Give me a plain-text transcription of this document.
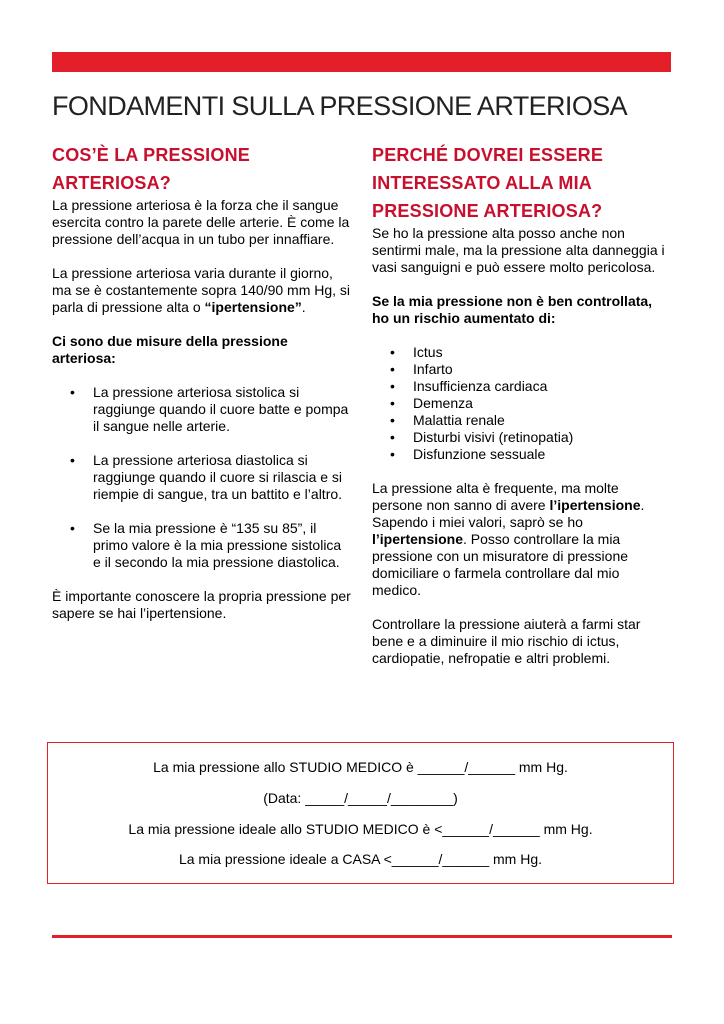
FONDAMENTI SULLA PRESSIONE ARTERIOSA
COS’È LA PRESSIONE
ARTERIOSA?

La pressione arteriosa è la forza che il sangue esercita contro la parete delle arterie. È come la pressione dell’acqua in un tubo per innaffiare.

La pressione arteriosa varia durante il giorno, ma se è costantemente sopra 140/90 mm Hg, si parla di pressione alta o “ipertensione”.

Ci sono due misure della pressione arteriosa:

• La pressione arteriosa sistolica si raggiunge quando il cuore batte e pompa il sangue nelle arterie.
• La pressione arteriosa diastolica si raggiunge quando il cuore si rilascia e si riempie di sangue, tra un battito e l’altro.
• Se la mia pressione è “135 su 85”, il primo valore è la mia pressione sistolica e il secondo la mia pressione diastolica.

È importante conoscere la propria pressione per sapere se hai l’ipertensione.

PERCHÉ DOVREI ESSERE
INTERESSATO ALLA MIA
PRESSIONE ARTERIOSA?

Se ho la pressione alta posso anche non sentirmi male, ma la pressione alta danneggia i vasi sanguigni e può essere molto pericolosa.

Se la mia pressione non è ben controllata, ho un rischio aumentato di:

• Ictus
• Infarto
• Insufficienza cardiaca
• Demenza
• Malattia renale
• Disturbi visivi (retinopatia)
• Disfunzione sessuale

La pressione alta è frequente, ma molte persone non sanno di avere l’ipertensione. Sapendo i miei valori, saprò se ho l’ipertensione. Posso controllare la mia pressione con un misuratore di pressione domiciliare o farmela controllare dal mio medico.

Controllare la pressione aiuterà a farmi star bene e a diminuire il mio rischio di ictus, cardiopatie, nefropatie e altri problemi.

La mia pressione allo STUDIO MEDICO è ______/______ mm Hg.

(Data: _____/_____/________)

La mia pressione ideale allo STUDIO MEDICO è <______/______ mm Hg.

La mia pressione ideale a CASA <______/______ mm Hg.
